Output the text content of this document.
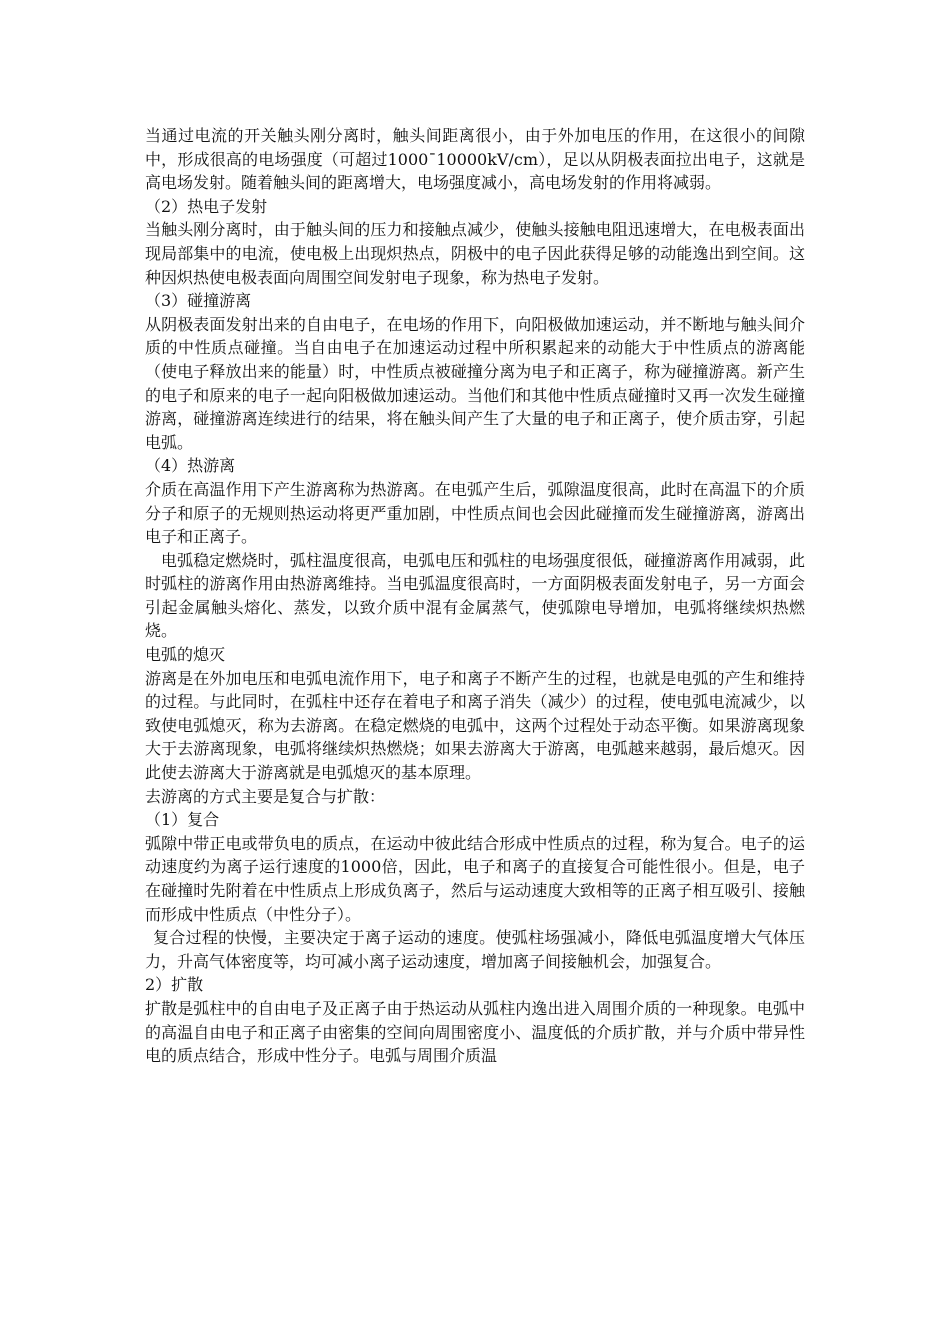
当通过电流的开关触头刚分离时，触头间距离很小，由于外加电压的作用，在这很小的间隙中，形成很高的电场强度（可超过1000¯10000kV/cm），足以从阴极表面拉出电子，这就是高电场发射。随着触头间的距离增大，电场强度减小，高电场发射的作用将减弱。

（2）热电子发射

当触头刚分离时，由于触头间的压力和接触点减少，使触头接触电阻迅速增大，在电极表面出现局部集中的电流，使电极上出现炽热点，阴极中的电子因此获得足够的动能逸出到空间。这种因炽热使电极表面向周围空间发射电子现象，称为热电子发射。

（3）碰撞游离

从阴极表面发射出来的自由电子，在电场的作用下，向阳极做加速运动，并不断地与触头间介质的中性质点碰撞。当自由电子在加速运动过程中所积累起来的动能大于中性质点的游离能（使电子释放出来的能量）时，中性质点被碰撞分离为电子和正离子，称为碰撞游离。新产生的电子和原来的电子一起向阳极做加速运动。当他们和其他中性质点碰撞时又再一次发生碰撞游离，碰撞游离连续进行的结果，将在触头间产生了大量的电子和正离子，使介质击穿，引起电弧。

（4）热游离

介质在高温作用下产生游离称为热游离。在电弧产生后，弧隙温度很高，此时在高温下的介质分子和原子的无规则热运动将更严重加剧，中性质点间也会因此碰撞而发生碰撞游离，游离出电子和正离子。

电弧稳定燃烧时，弧柱温度很高，电弧电压和弧柱的电场强度很低，碰撞游离作用减弱，此时弧柱的游离作用由热游离维持。当电弧温度很高时，一方面阴极表面发射电子，另一方面会引起金属触头熔化、蒸发，以致介质中混有金属蒸气，使弧隙电导增加，电弧将继续炽热燃烧。

电弧的熄灭

游离是在外加电压和电弧电流作用下，电子和离子不断产生的过程，也就是电弧的产生和维持的过程。与此同时，在弧柱中还存在着电子和离子消失（减少）的过程，使电弧电流减少，以致使电弧熄灭，称为去游离。在稳定燃烧的电弧中，这两个过程处于动态平衡。如果游离现象大于去游离现象，电弧将继续炽热燃烧；如果去游离大于游离，电弧越来越弱，最后熄灭。因此使去游离大于游离就是电弧熄灭的基本原理。

去游离的方式主要是复合与扩散：

（1）复合

弧隙中带正电或带负电的质点，在运动中彼此结合形成中性质点的过程，称为复合。电子的运动速度约为离子运行速度的1000倍，因此，电子和离子的直接复合可能性很小。但是，电子在碰撞时先附着在中性质点上形成负离子，然后与运动速度大致相等的正离子相互吸引、接触而形成中性质点（中性分子）。

复合过程的快慢，主要决定于离子运动的速度。使弧柱场强减小，降低电弧温度增大气体压力，升高气体密度等，均可减小离子运动速度，增加离子间接触机会，加强复合。

2）扩散

扩散是弧柱中的自由电子及正离子由于热运动从弧柱内逸出进入周围介质的一种现象。电弧中的高温自由电子和正离子由密集的空间向周围密度小、温度低的介质扩散，并与介质中带异性电的质点结合，形成中性分子。电弧与周围介质温
